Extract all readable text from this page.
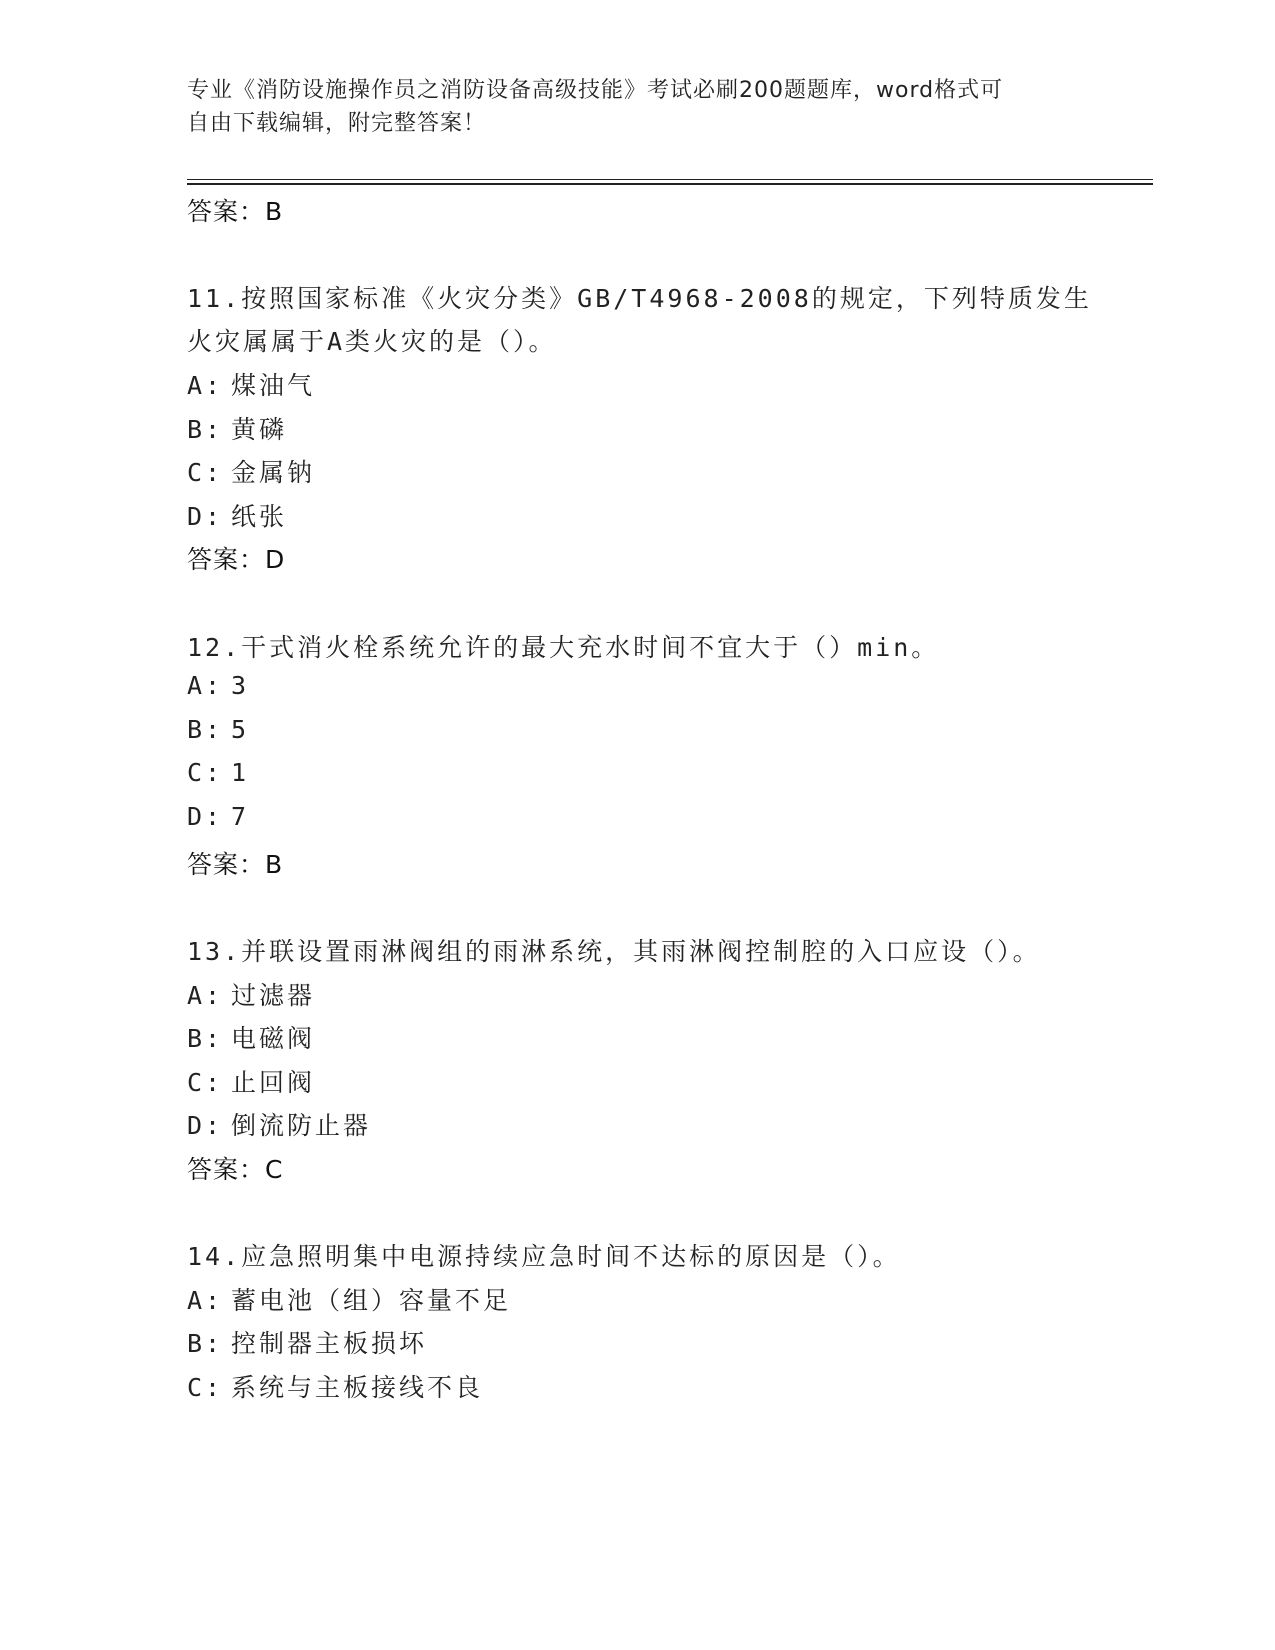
专业《消防设施操作员之消防设备高级技能》考试必刷200题题库，word格式可
自由下载编辑，附完整答案！
答案：B
11.按照国家标准《火灾分类》GB/T4968-2008的规定，下列特质发生
火灾属属于A类火灾的是（）。
A: 煤油气
B: 黄磷
C: 金属钠
D: 纸张
答案：D
12.干式消火栓系统允许的最大充水时间不宜大于（）min。
A: 3
B: 5
C: 1
D: 7
答案：B
13.并联设置雨淋阀组的雨淋系统，其雨淋阀控制腔的入口应设（）。
A: 过滤器
B: 电磁阀
C: 止回阀
D: 倒流防止器
答案：C
14.应急照明集中电源持续应急时间不达标的原因是（）。
A: 蓄电池（组）容量不足
B: 控制器主板损坏
C: 系统与主板接线不良
